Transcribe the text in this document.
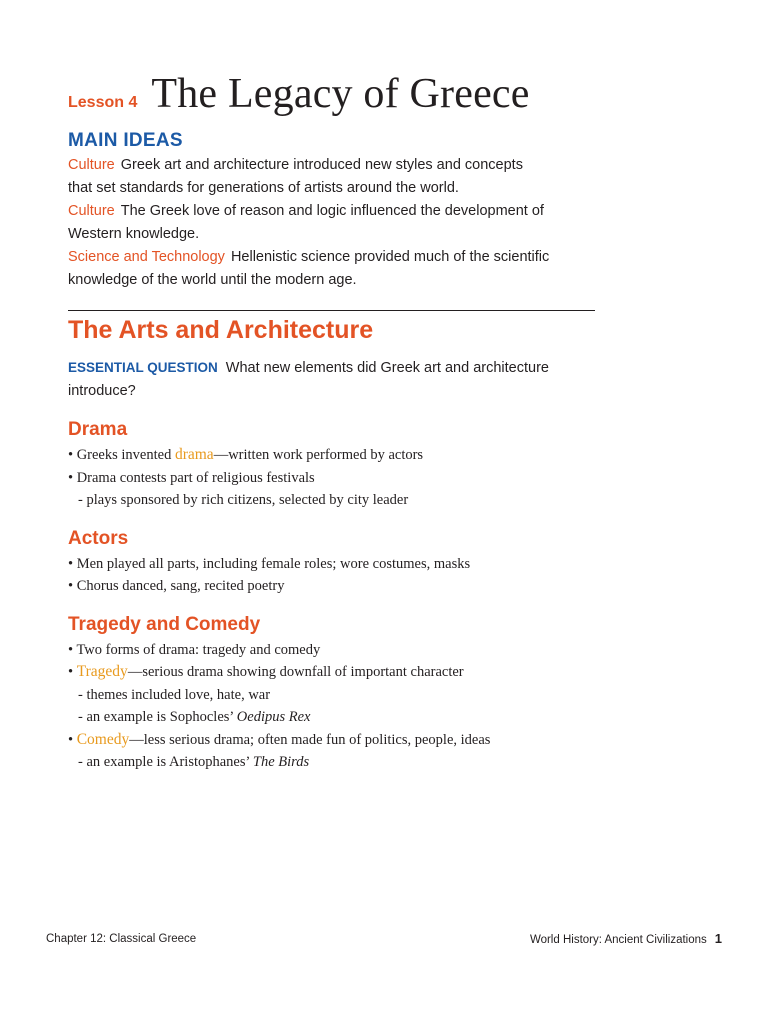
Lesson 4 The Legacy of Greece
MAIN IDEAS

Culture Greek art and architecture introduced new styles and concepts
that set standards for generations of artists around the world.

Culture The Greek love of reason and logic influenced the development of
Western knowledge.

Science and Technology Hellenistic science provided much of the scientific
knowledge of the world until the modern age.

The Arts and Architecture

ESSENTIAL QUESTION What new elements did Greek art and architecture
introduce?

Drama
• Greeks invented drama—written work performed by actors
• Drama contests part of religious festivals
- plays sponsored by rich citizens, selected by city leader
Actors
• Men played all parts, including female roles; wore costumes, masks
• Chorus danced, sang, recited poetry
Tragedy and Comedy
• Two forms of drama: tragedy and comedy
• Tragedy—serious drama showing downfall of important character
- themes included love, hate, war
- an example is Sophocles’ Oedipus Rex
• Comedy—less serious drama; often made fun of politics, people, ideas
- an example is Aristophanes’ The Birds
Chapter 12: Classical Greece	World History: Ancient Civilizations 1
